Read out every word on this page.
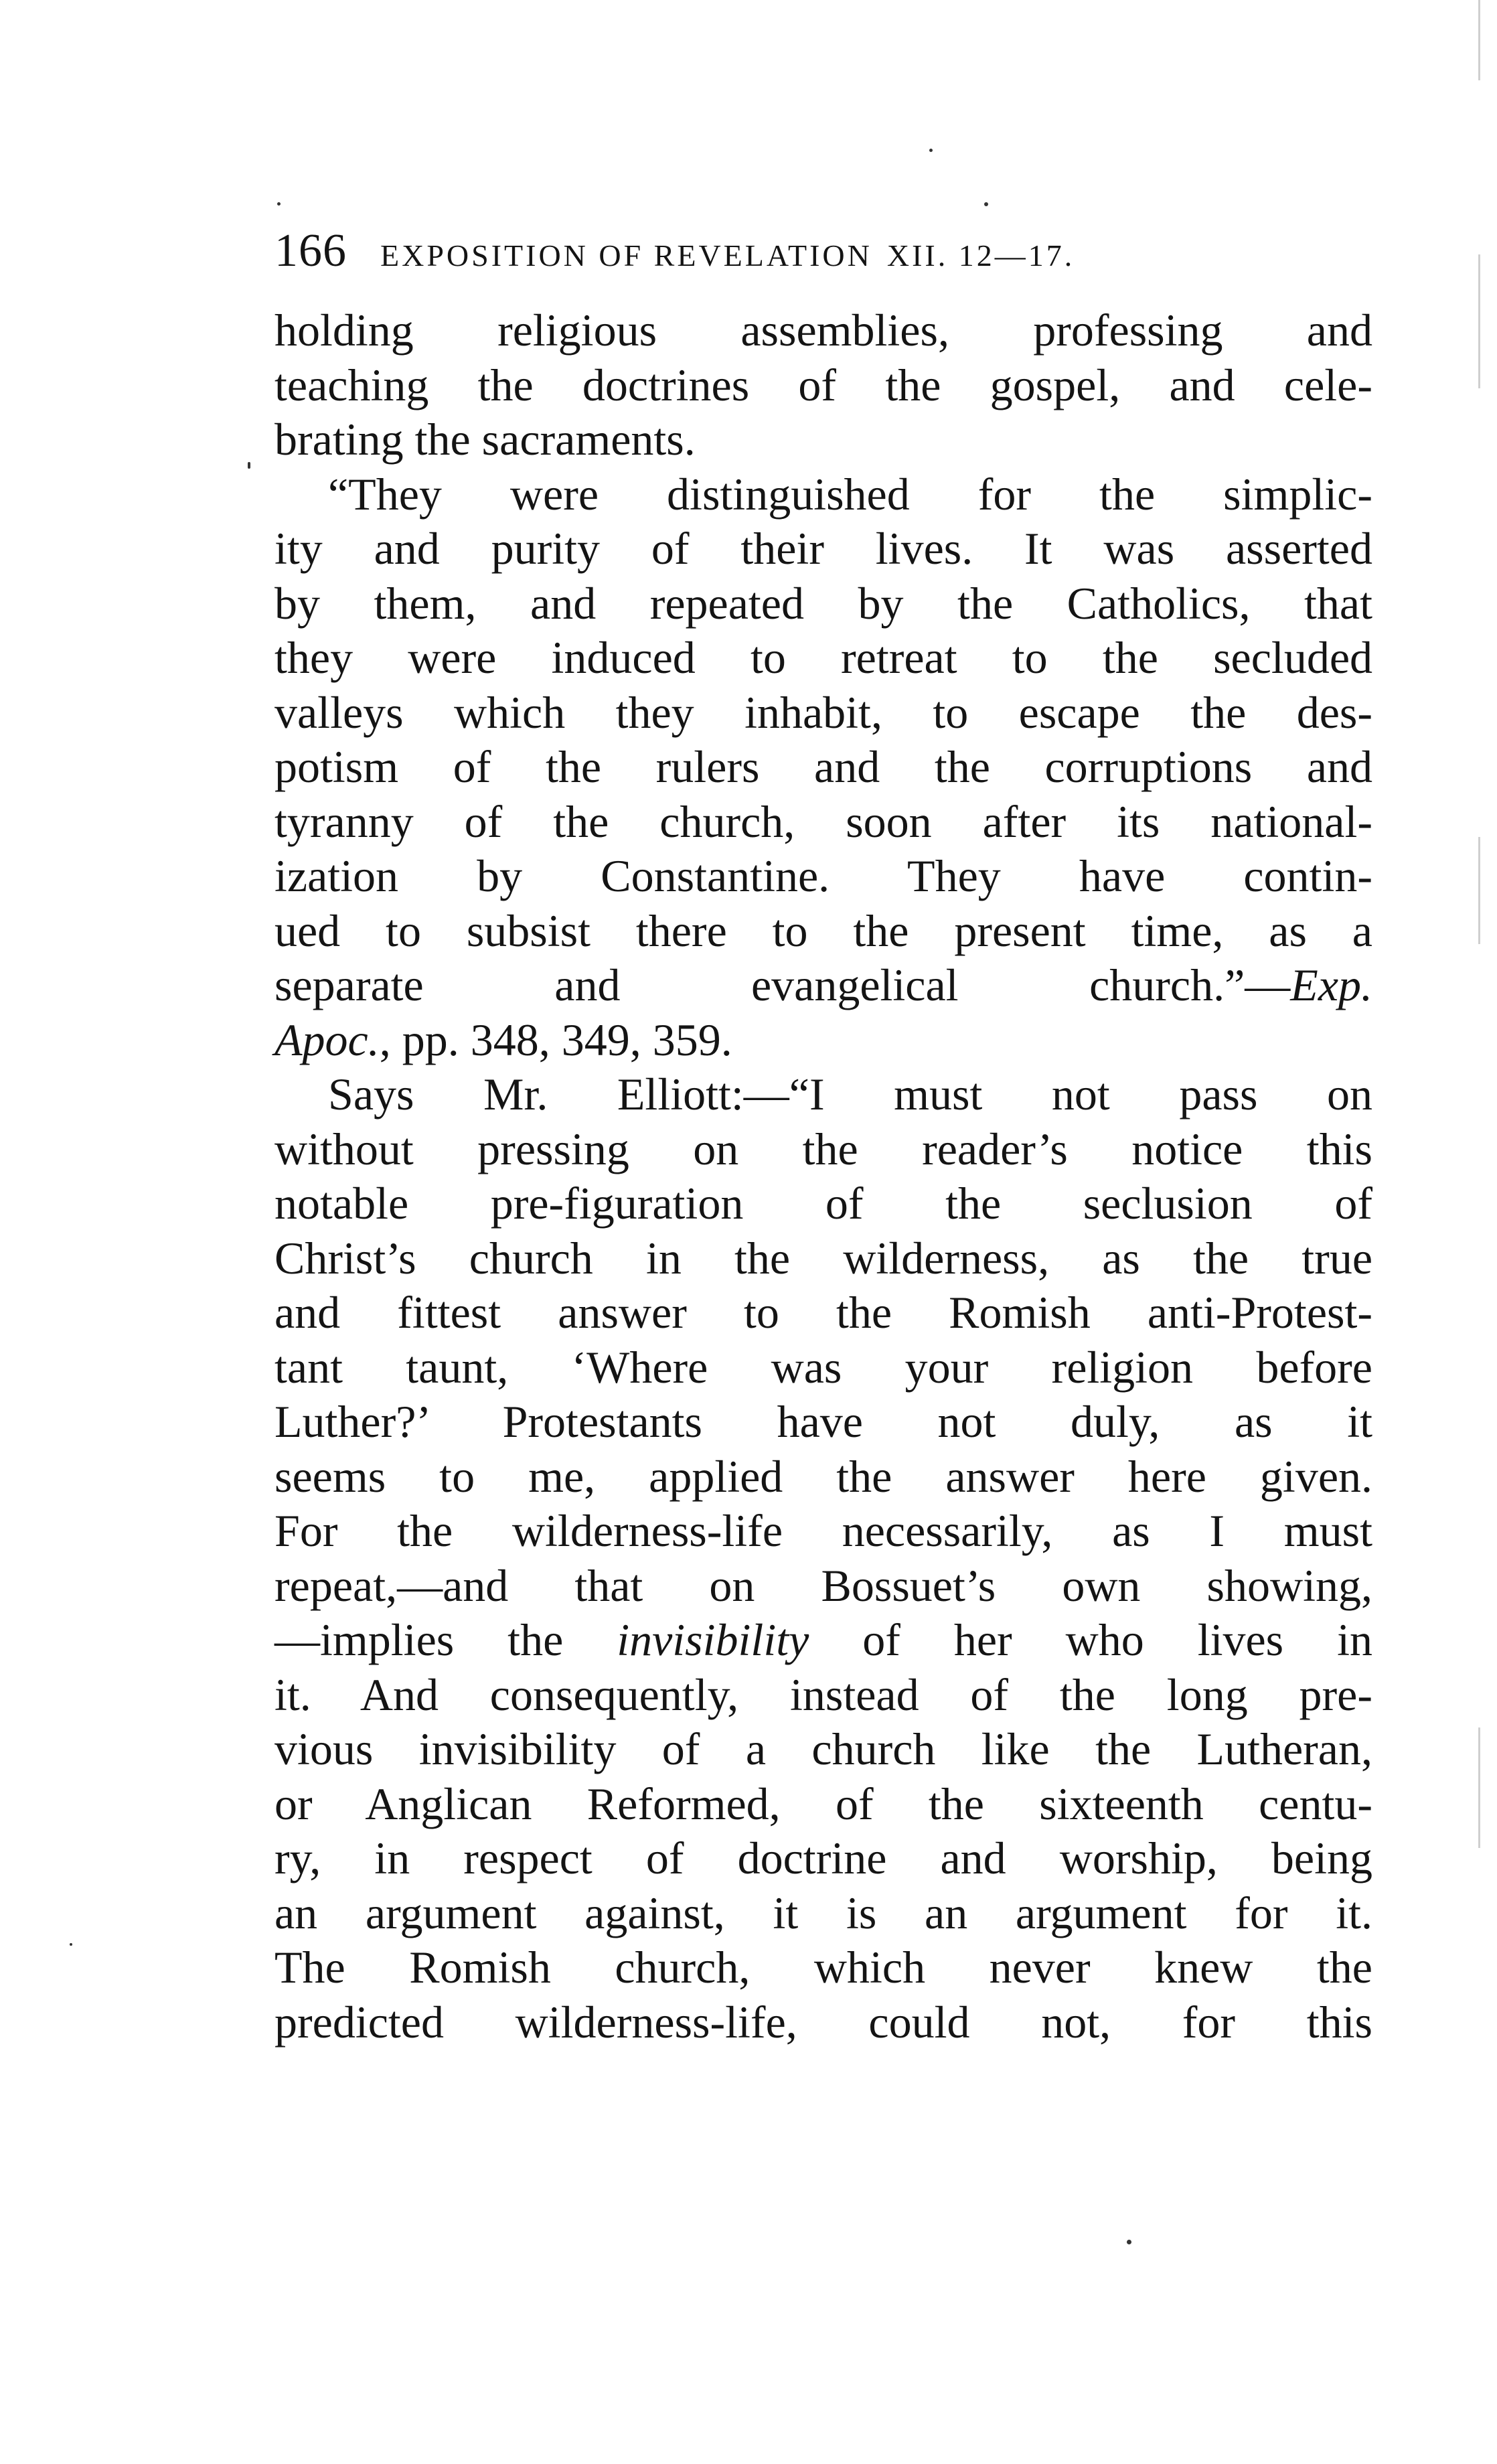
166 EXPOSITION OF REVELATION XII. 12—17.
holding religious assemblies, professing and
teaching the doctrines of the gospel, and cele-
brating the sacraments.
“They were distinguished for the simplic-
ity and purity of their lives. It was asserted
by them, and repeated by the Catholics, that
they were induced to retreat to the secluded
valleys which they inhabit, to escape the des-
potism of the rulers and the corruptions and
tyranny of the church, soon after its national-
ization by Constantine. They have contin-
ued to subsist there to the present time, as a
separate and evangelical church.”—Exp.
Apoc., pp. 348, 349, 359.
Says Mr. Elliott:—“I must not pass on
without pressing on the reader’s notice this
notable pre-figuration of the seclusion of
Christ’s church in the wilderness, as the true
and fittest answer to the Romish anti-Protest-
tant taunt, ‘Where was your religion before
Luther?’ Protestants have not duly, as it
seems to me, applied the answer here given.
For the wilderness-life necessarily, as I must
repeat,—and that on Bossuet’s own showing,
—implies the invisibility of her who lives in
it. And consequently, instead of the long pre-
vious invisibility of a church like the Lutheran,
or Anglican Reformed, of the sixteenth centu-
ry, in respect of doctrine and worship, being
an argument against, it is an argument for it.
The Romish church, which never knew the
predicted wilderness-life, could not, for this
